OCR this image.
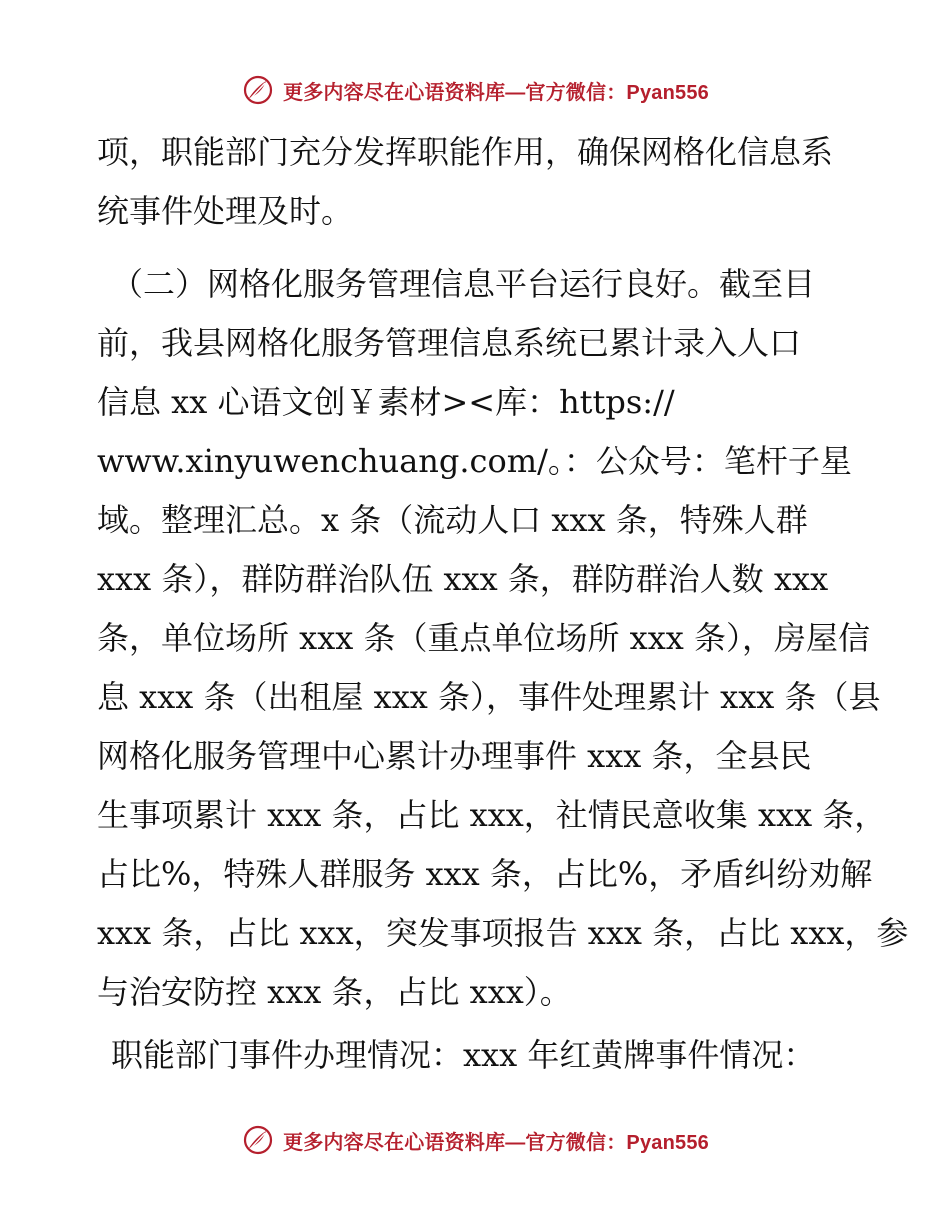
更多内容尽在心语资料库—官方微信：Pyan556
项，职能部门充分发挥职能作用，确保网格化信息系
统事件处理及时。
（二）网格化服务管理信息平台运行良好。截至目
前，我县网格化服务管理信息系统已累计录入人口
信息 xx 心语文创￥素材><库：https://
www.xinyuwenchuang.com/。：公众号：笔杆子星
域。整理汇总。x 条（流动人口 xxx 条，特殊人群
xxx 条），群防群治队伍 xxx 条，群防群治人数 xxx
条，单位场所 xxx 条（重点单位场所 xxx 条），房屋信
息 xxx 条（出租屋 xxx 条），事件处理累计 xxx 条（县
网格化服务管理中心累计办理事件 xxx 条，全县民
生事项累计 xxx 条，占比 xxx，社情民意收集 xxx 条，
占比%，特殊人群服务 xxx 条，占比%，矛盾纠纷劝解
xxx 条，占比 xxx，突发事项报告 xxx 条，占比 xxx，参
与治安防控 xxx 条，占比 xxx）。
职能部门事件办理情况：xxx 年红黄牌事件情况：
更多内容尽在心语资料库—官方微信：Pyan556
